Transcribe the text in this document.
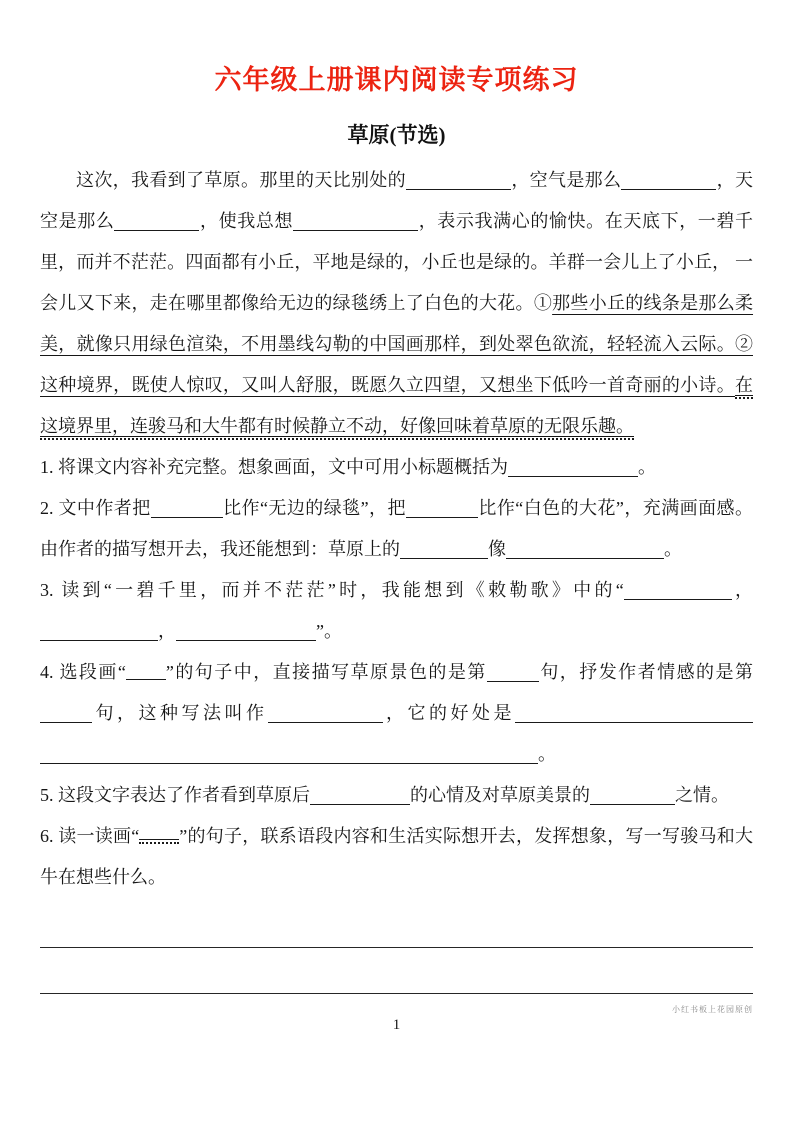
六年级上册课内阅读专项练习
草原(节选)
这次，我看到了草原。那里的天比别处的	，空气是那么	，天空是那么	，使我总想	，表示我满心的愉快。在天底下，一碧千里，而并不茫茫。四面都有小丘，平地是绿的，小丘也是绿的。羊群一会儿上了小丘， 一会儿又下来，走在哪里都像给无边的绿毯绣上了白色的大花。①那些小丘的线条是那么柔美，就像只用绿色渲染，不用墨线勾勒的中国画那样，到处翠色欲流，轻轻流入云际。②这种境界，既使人惊叹，又叫人舒服，既愿久立四望，又想坐下低吟一首奇丽的小诗。在这境界里，连骏马和大牛都有时候静立不动，好像回味着草原的无限乐趣。
1. 将课文内容补充完整。想象画面，文中可用小标题概括为	。
2. 文中作者把	比作“无边的绿毯”，把	比作“白色的大花”，充满画面感。由作者的描写想开去，我还能想到：草原上的	像	。
3. 读到“一碧千里，而并不茫茫”时，我能想到《敕勒歌》中的“	，，	”。
4. 选段画“ ”的句子中，直接描写草原景色的是第	句，抒发作者情感的是第句，这种写法叫作	，它的好处是。
5. 这段文字表达了作者看到草原后	的心情及对草原美景的	之情。
6. 读一读画“ ”的句子，联系语段内容和生活实际想开去，发挥想象，写一写骏马和大牛在想些什么。
小红书板上花园原创
1
